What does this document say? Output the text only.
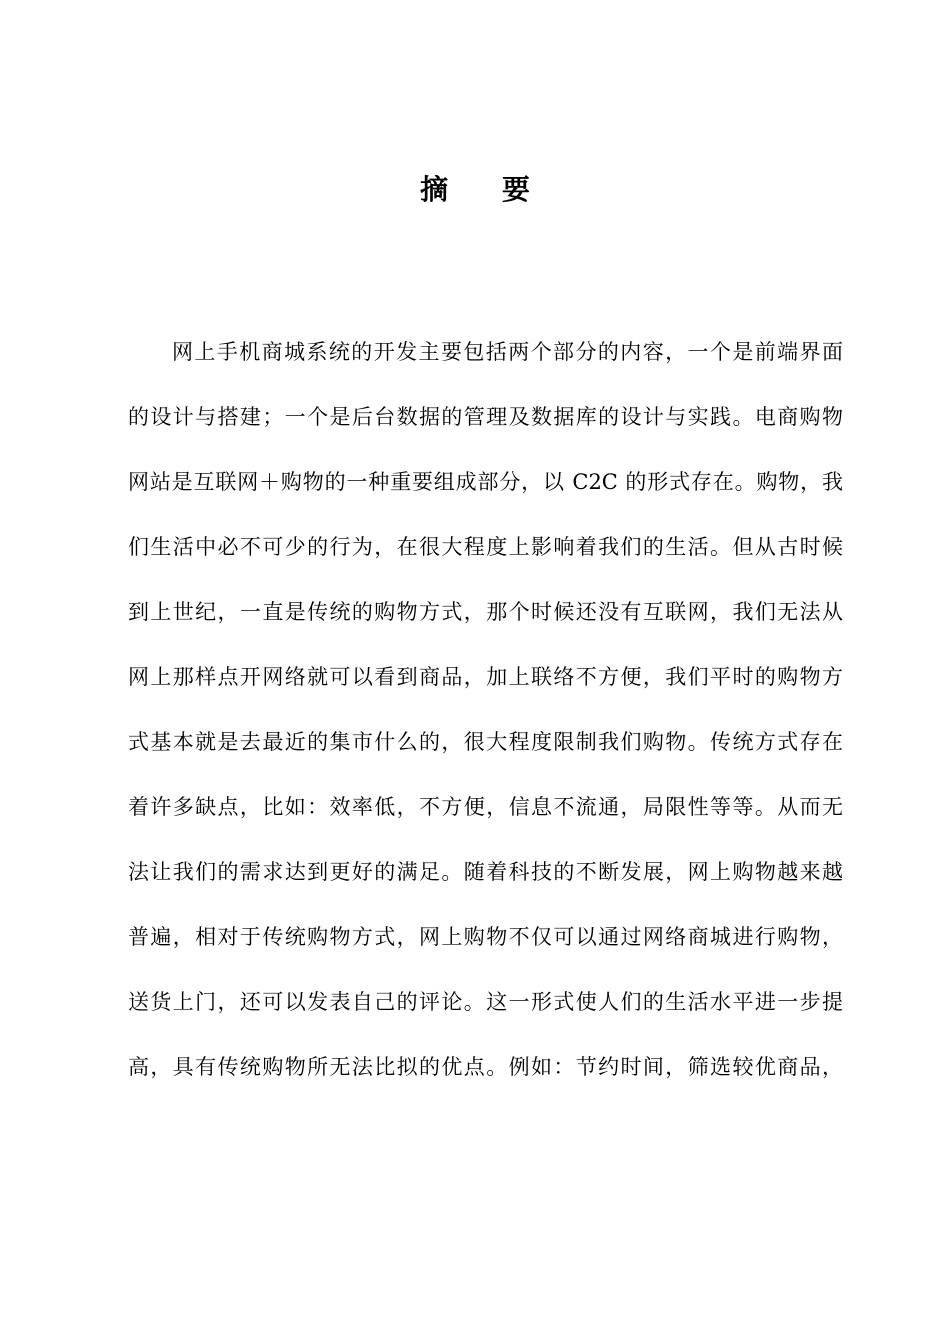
摘 要
网上手机商城系统的开发主要包括两个部分的内容，一个是前端界面
的设计与搭建；一个是后台数据的管理及数据库的设计与实践。电商购物
网站是互联网＋购物的一种重要组成部分，以 C2C 的形式存在。购物，我
们生活中必不可少的行为，在很大程度上影响着我们的生活。但从古时候
到上世纪，一直是传统的购物方式，那个时候还没有互联网，我们无法从
网上那样点开网络就可以看到商品，加上联络不方便，我们平时的购物方
式基本就是去最近的集市什么的，很大程度限制我们购物。传统方式存在
着许多缺点，比如：效率低，不方便，信息不流通，局限性等等。从而无
法让我们的需求达到更好的满足。随着科技的不断发展，网上购物越来越
普遍，相对于传统购物方式，网上购物不仅可以通过网络商城进行购物，
送货上门，还可以发表自己的评论。这一形式使人们的生活水平进一步提
高，具有传统购物所无法比拟的优点。例如：节约时间，筛选较优商品，
